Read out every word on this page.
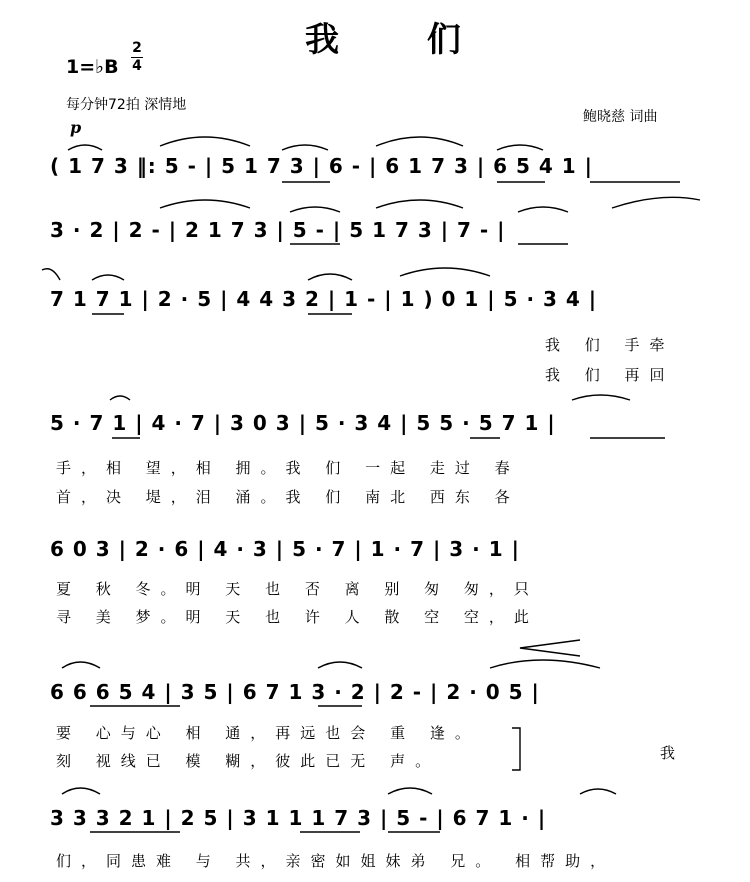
我 们
1=♭B
2
4
每分钟72拍 深情地
鲍晓慈 词曲
p
( 1 7 3 ‖: 5 - | 5 1 7 3 | 6 - | 6 1 7 3 | 6 5 4 1 |
3 · 2 | 2 - | 2 1 7 3 | 5 - | 5 1 7 3 | 7 - |
7 1 7 1 | 2 · 5 | 4 4 3 2 | 1 - | 1 ) 0 1 | 5 · 3 4 |
我 们 手牵
我 们 再回
5 · 7 1 | 4 · 7 | 3 0 3 | 5 · 3 4 | 5 5 · 5 7 1 |
手，相 望，相 拥。我 们 一起 走过 春
首，决 堤，泪 涌。我 们 南北 西东 各
6 0 3 | 2 · 6 | 4 · 3 | 5 · 7 | 1 · 7 | 3 · 1 |
夏 秋 冬。明 天 也 否 离 别 匆 匆，只
寻 美 梦。明 天 也 许 人 散 空 空，此
6 6 6 5 4 | 3 5 | 6 7 1 3 · 2 | 2 - | 2 · 0 5 |
要 心与心 相 通，再远也会 重 逢。
刻 视线已 模 糊，彼此已无 声。	我
3 3 3 2 1 | 2 5 | 3 1 1 1 7 3 | 5 - | 6 7 1 · |
们，同患难 与 共，亲密如姐妹弟 兄。 相帮助，
